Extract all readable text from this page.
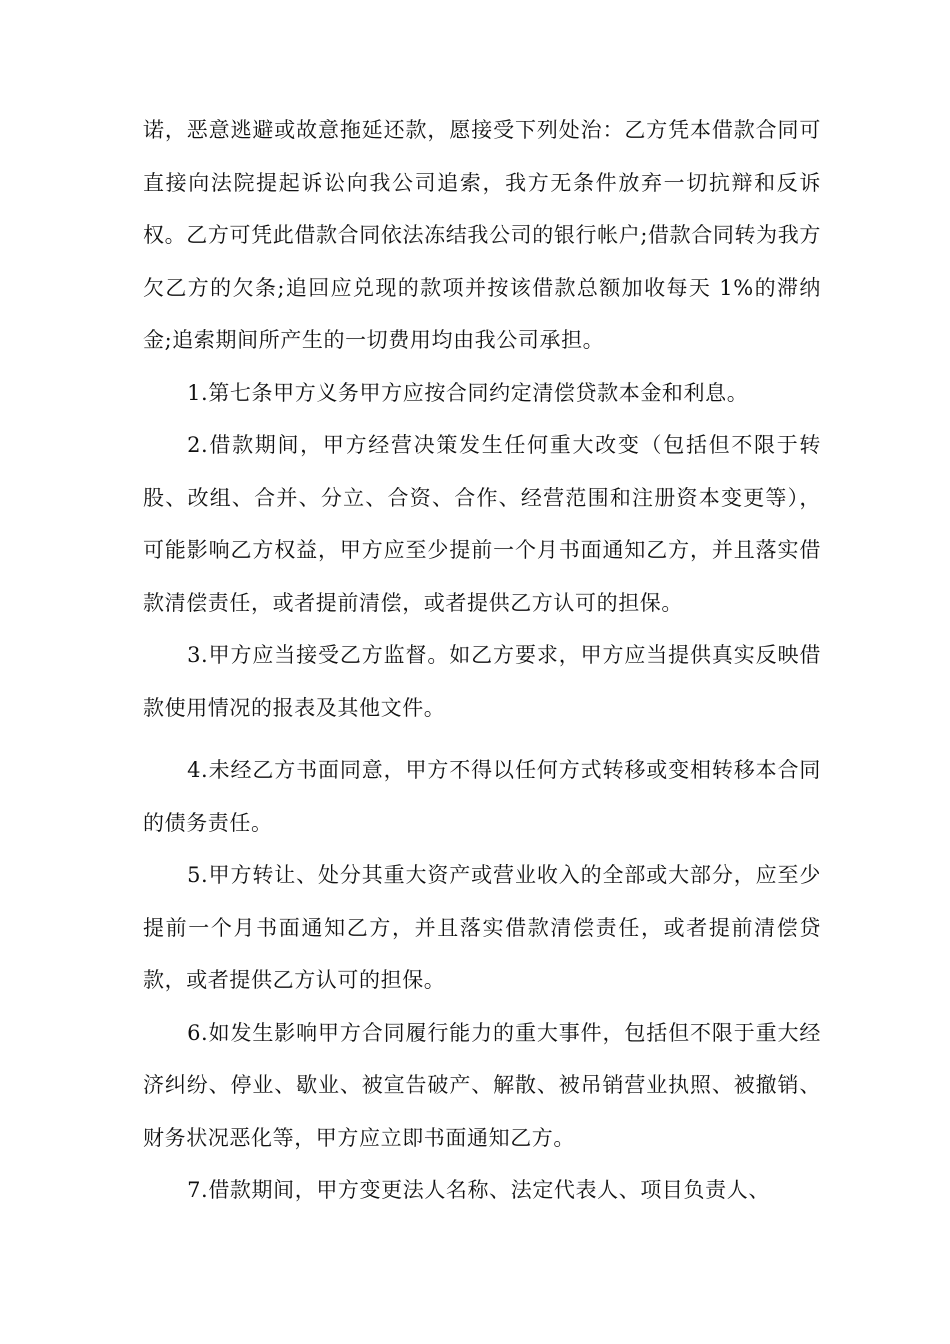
诺，恶意逃避或故意拖延还款，愿接受下列处治：乙方凭本借款合同可直接向法院提起诉讼向我公司追索，我方无条件放弃一切抗辩和反诉权。乙方可凭此借款合同依法冻结我公司的银行帐户;借款合同转为我方欠乙方的欠条;追回应兑现的款项并按该借款总额加收每天 1%的滞纳金;追索期间所产生的一切费用均由我公司承担。

1.第七条甲方义务甲方应按合同约定清偿贷款本金和利息。

2.借款期间，甲方经营决策发生任何重大改变（包括但不限于转股、改组、合并、分立、合资、合作、经营范围和注册资本变更等），可能影响乙方权益，甲方应至少提前一个月书面通知乙方，并且落实借款清偿责任，或者提前清偿，或者提供乙方认可的担保。

3.甲方应当接受乙方监督。如乙方要求，甲方应当提供真实反映借款使用情况的报表及其他文件。

4.未经乙方书面同意，甲方不得以任何方式转移或变相转移本合同的债务责任。

5.甲方转让、处分其重大资产或营业收入的全部或大部分，应至少提前一个月书面通知乙方，并且落实借款清偿责任，或者提前清偿贷款，或者提供乙方认可的担保。

6.如发生影响甲方合同履行能力的重大事件，包括但不限于重大经济纠纷、停业、歇业、被宣告破产、解散、被吊销营业执照、被撤销、财务状况恶化等，甲方应立即书面通知乙方。

7.借款期间，甲方变更法人名称、法定代表人、项目负责人、
